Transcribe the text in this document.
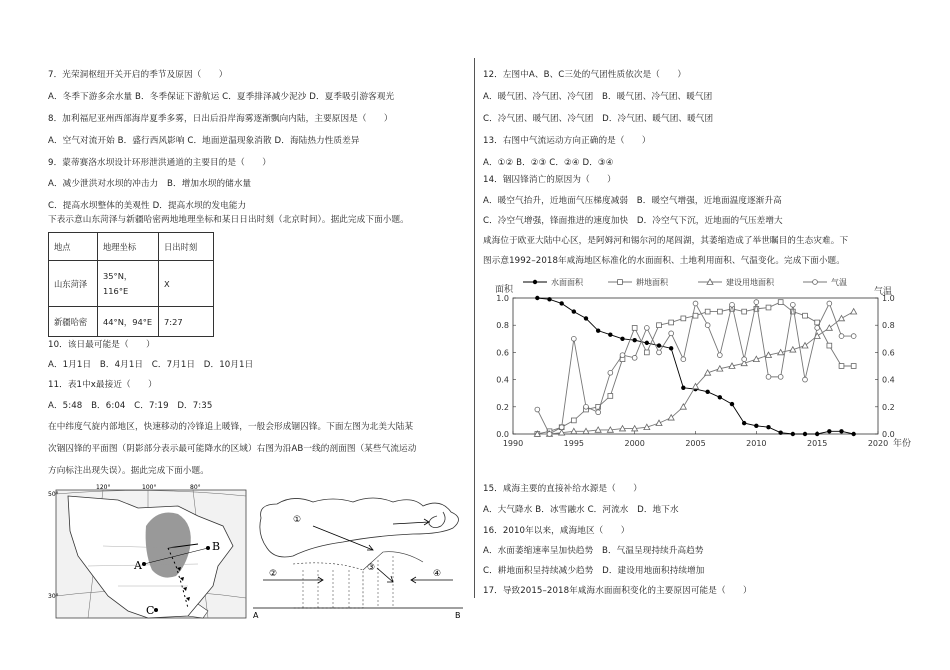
7．光荣洞枢纽开关开启的季节及原因（　　）
A．冬季下游多余水量 B．冬季保证下游航运 C．夏季排泽减少泥沙 D．夏季吸引游客观光
8．加利福尼亚州西部海岸夏季多雾，日出后沿岸海雾逐渐飘向内陆，主要原因是（　　）
A．空气对流开始 B．盛行西风影响 C．地面逆温现象消散 D．海陆热力性质差异
9．蒙蒂赛洛水坝设计环形泄洪通道的主要目的是（　　）
A．减少泄洪对水坝的冲击力　B．增加水坝的储水量
C．提高水坝整体的美观性 D．提高水坝的发电能力
下表示意山东菏泽与新疆哈密两地地理坐标和某日日出时刻（北京时间）。据此完成下面小题。
地点	地理坐标	日出时刻
山东菏泽	35°N，116°E	X
新疆哈密	44°N，94°E	7:27
10．该日最可能是（　　）
A．1月1日　B．4月1日　C．7月1日　D．10月1日
11．表1中x最接近（　　）
A．5:48　B．6:04　C．7:19　D．7:35
在中纬度气旋内部地区，快速移动的冷锋追上暖锋，一般会形成锢囚锋。下面左图为北美大陆某
次锢囚锋的平面图（阴影部分表示最可能降水的区域）右图为沿AB一线的剖面图（某些气流运动
方向标注出现失误）。据此完成下面小题。
A
B
C
50°
30°
120°	100°	80°
①
②
③
④
A	B
12．左图中A、B、C三处的气团性质依次是（　　）
A．暖气团、冷气团、冷气团　B．暖气团、冷气团、暖气团
C．冷气团、暖气团、冷气团　D．冷气团、暖气团、暖气团
13．右图中气流运动方向正确的是（　　）
A．①② B．②③ C．②④ D．③④
14．锢囚锋消亡的原因为（　　）
A．暖空气抬升，近地面气压梯度减弱　B．暖空气增强，近地面温度逐渐升高
C．冷空气增强，锋面推进的速度加快　D．冷空气下沉，近地面的气压差增大
咸海位于欧亚大陆中心区，是阿姆河和锡尔河的尾闾湖，其萎缩造成了举世瞩目的生态灾难。下
图示意1992–2018年咸海地区标准化的水面面积、土地利用面积、气温变化。完成下面小题。
1990	1995	2000	2005	2010	2015	2020
0.0
0.2
0.4
0.6
0.8
1.0
0.0
0.2
0.4
0.6
0.8
1.0
面积	气温
年份
水面面积	耕地面积	建设用地面积	气温
15．咸海主要的直接补给水源是（　　）
A．大气降水 B．冰雪融水 C．河流水　D．地下水
16．2010年以来，咸海地区（　　）
A．水面萎缩速率呈加快趋势　B．气温呈现持续升高趋势
C．耕地面积呈持续减少趋势　D．建设用地面积持续增加
17．导致2015–2018年咸海水面面积变化的主要原因可能是（　　）
